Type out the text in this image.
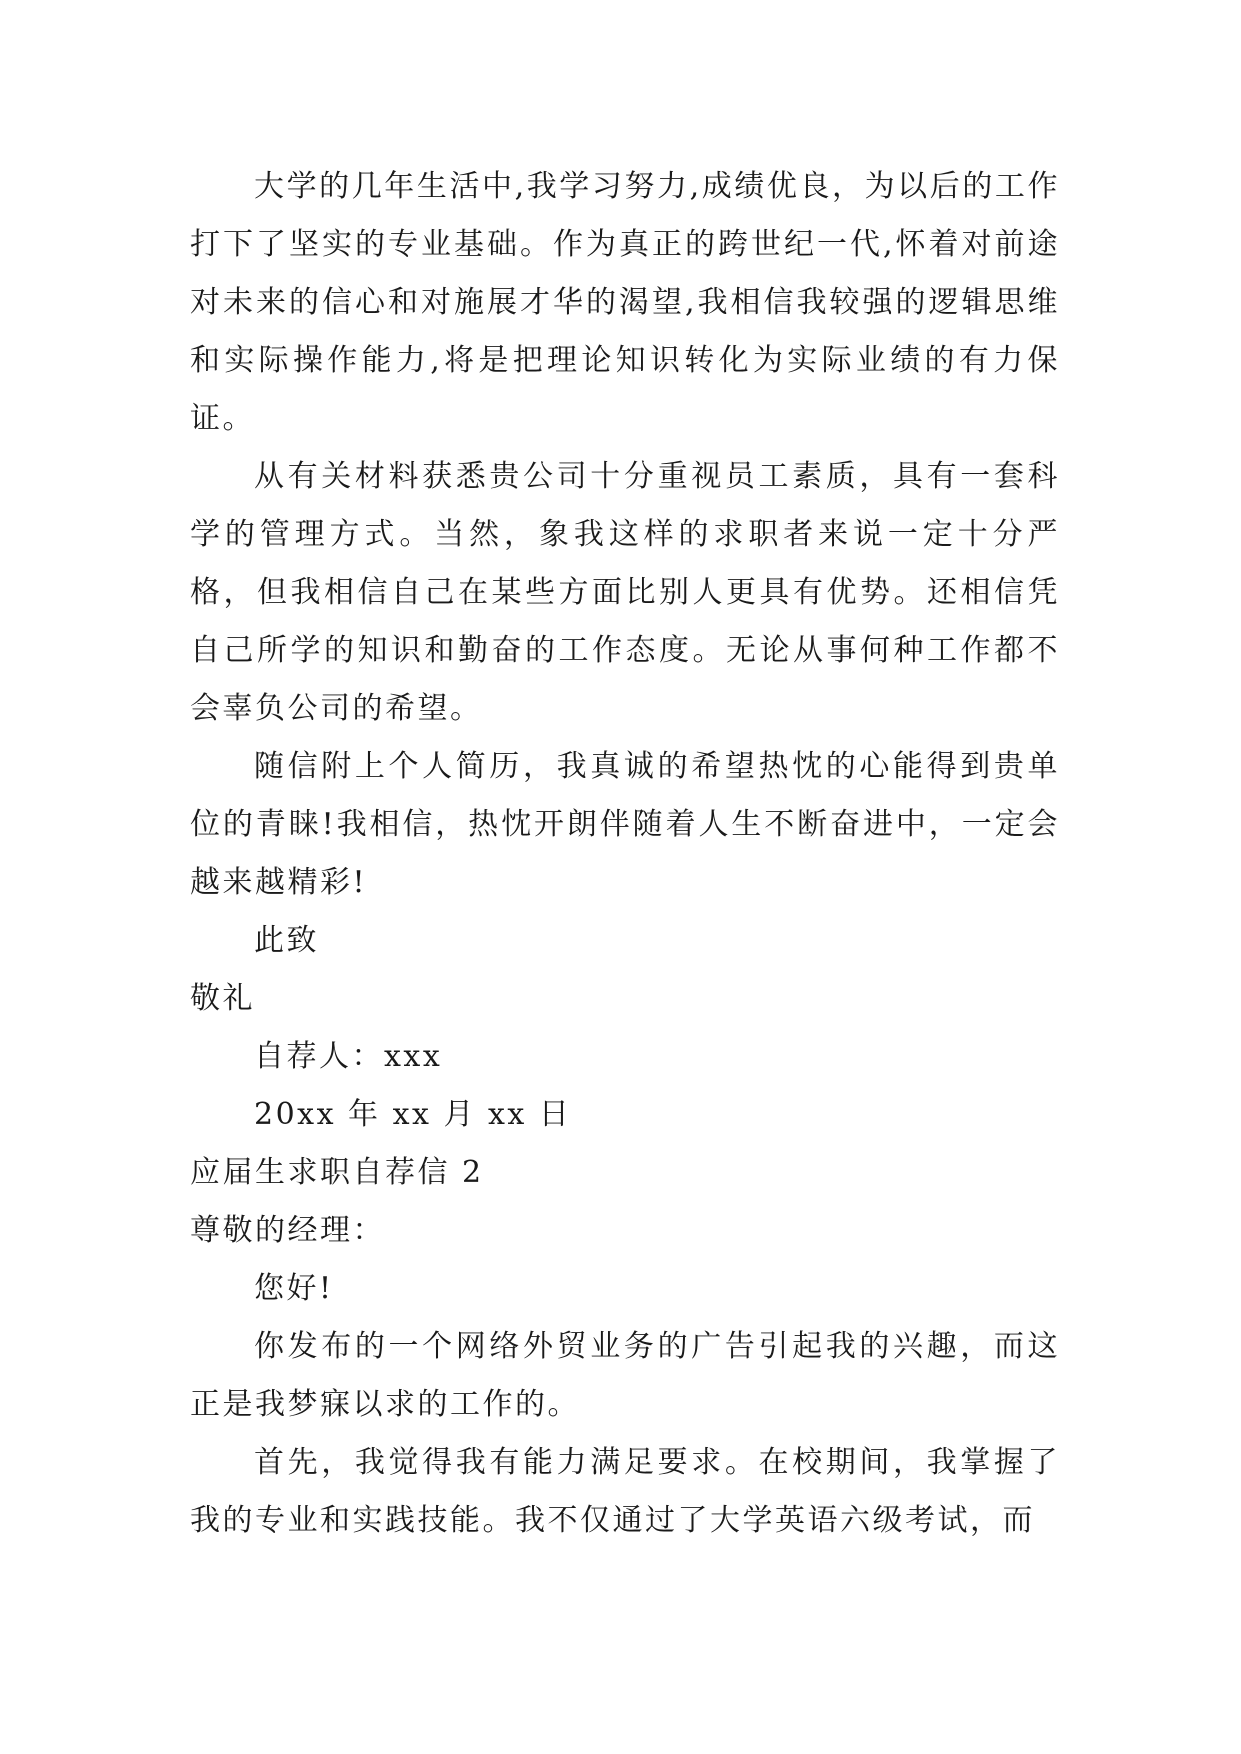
大学的几年生活中,我学习努力,成绩优良，为以后的工作打下了坚实的专业基础。作为真正的跨世纪一代,怀着对前途对未来的信心和对施展才华的渴望,我相信我较强的逻辑思维和实际操作能力,将是把理论知识转化为实际业绩的有力保证。

从有关材料获悉贵公司十分重视员工素质，具有一套科学的管理方式。当然，象我这样的求职者来说一定十分严格，但我相信自己在某些方面比别人更具有优势。还相信凭自己所学的知识和勤奋的工作态度。无论从事何种工作都不会辜负公司的希望。

随信附上个人简历，我真诚的希望热忱的心能得到贵单位的青睐!我相信，热忱开朗伴随着人生不断奋进中，一定会越来越精彩!

此致

敬礼

自荐人：xxx

20xx 年 xx 月 xx 日

应届生求职自荐信 2

尊敬的经理：

您好!

你发布的一个网络外贸业务的广告引起我的兴趣，而这正是我梦寐以求的工作的。

首先，我觉得我有能力满足要求。在校期间，我掌握了我的专业和实践技能。我不仅通过了大学英语六级考试，而
